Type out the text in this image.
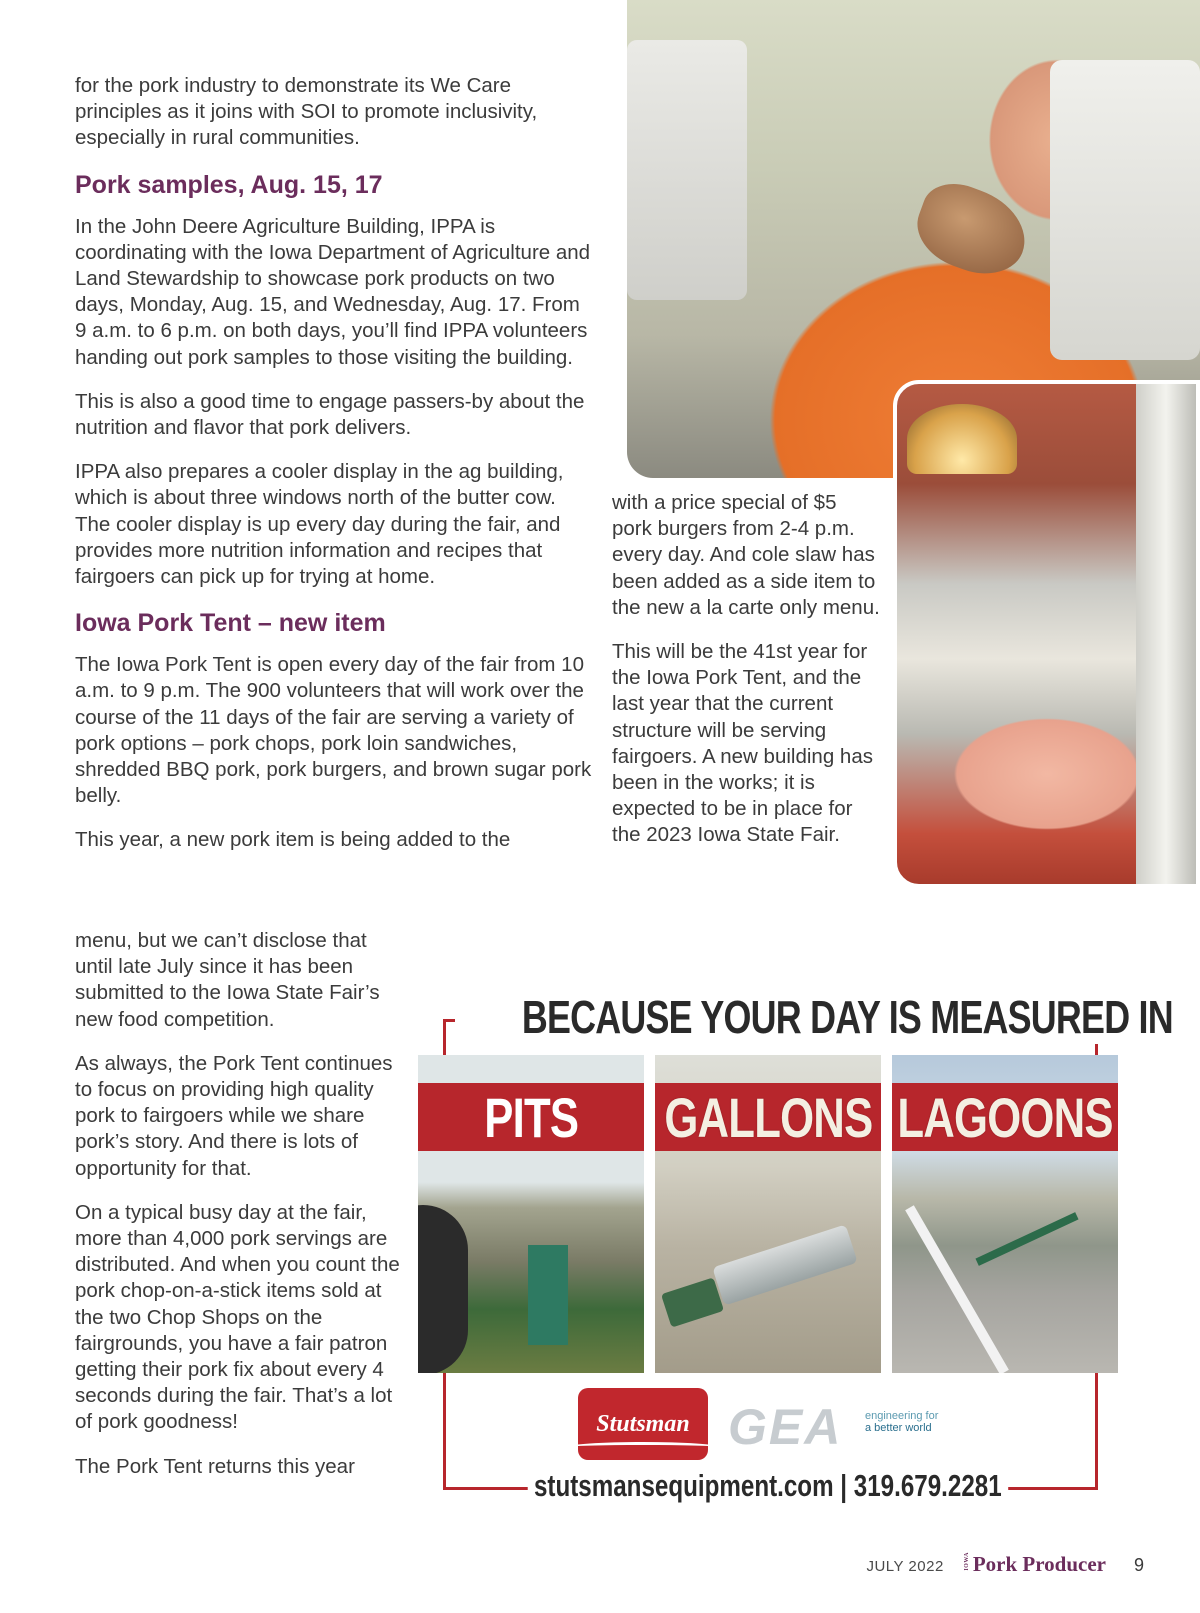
for the pork industry to demonstrate its We Care principles as it joins with SOI to promote inclusivity, especially in rural communities.

Pork samples, Aug. 15, 17

In the John Deere Agriculture Building, IPPA is coordinating with the Iowa Department of Agriculture and Land Stewardship to showcase pork products on two days, Monday, Aug. 15, and Wednesday, Aug. 17. From 9 a.m. to 6 p.m. on both days, you’ll find IPPA volunteers handing out pork samples to those visiting the building.

This is also a good time to engage passers-by about the nutrition and flavor that pork delivers.

IPPA also prepares a cooler display in the ag building, which is about three windows north of the butter cow. The cooler display is up every day during the fair, and provides more nutrition information and recipes that fairgoers can pick up for trying at home.

Iowa Pork Tent – new item

The Iowa Pork Tent is open every day of the fair from 10 a.m. to 9 p.m. The 900 volunteers that will work over the course of the 11 days of the fair are serving a variety of pork options – pork chops, pork loin sandwiches, shredded BBQ pork, pork burgers, and brown sugar pork belly.

This year, a new pork item is being added to the

menu, but we can’t disclose that until late July since it has been submitted to the Iowa State Fair’s new food competition.

As always, the Pork Tent continues to focus on providing high quality pork to fairgoers while we share pork’s story. And there is lots of opportunity for that.

On a typical busy day at the fair, more than 4,000 pork servings are distributed. And when you count the pork chop-on-a-stick items sold at the two Chop Shops on the fairgrounds, you have a fair patron getting their pork fix about every 4 seconds during the fair. That’s a lot of pork goodness!

The Pork Tent returns this year

with a price special of $5 pork burgers from 2-4 p.m. every day. And cole slaw has been added as a side item to the new a la carte only menu.

This will be the 41st year for the Iowa Pork Tent, and the last year that the current structure will be serving fairgoers. A new building has been in the works; it is expected to be in place for the 2023 Iowa State Fair.

BECAUSE YOUR DAY IS MEASURED IN
PITS GALLONS LAGOONS
Stutsman GEA engineering for
a better world
stutsmansequipment.com | 319.679.2281
JULY 2022	IOWA Pork Producer 9
